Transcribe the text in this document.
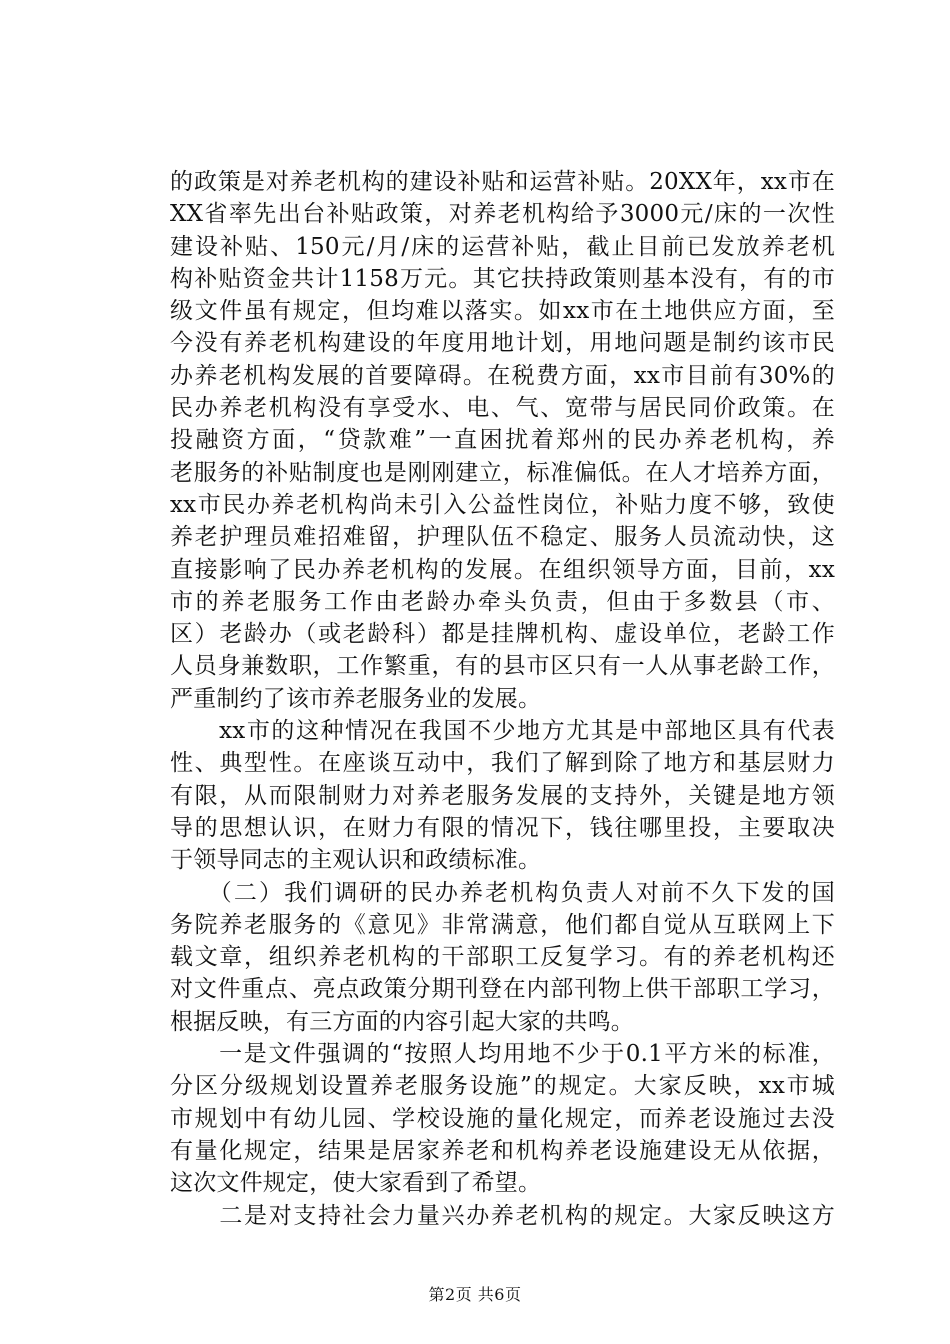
的政策是对养老机构的建设补贴和运营补贴。20XX年，xx市在
XX省率先出台补贴政策，对养老机构给予3000元/床的一次性
建设补贴、150元/月/床的运营补贴，截止目前已发放养老机
构补贴资金共计1158万元。其它扶持政策则基本没有，有的市
级文件虽有规定，但均难以落实。如xx市在土地供应方面，至
今没有养老机构建设的年度用地计划，用地问题是制约该市民
办养老机构发展的首要障碍。在税费方面，xx市目前有30%的
民办养老机构没有享受水、电、气、宽带与居民同价政策。在
投融资方面，“贷款难”一直困扰着郑州的民办养老机构，养
老服务的补贴制度也是刚刚建立，标准偏低。在人才培养方面，
xx市民办养老机构尚未引入公益性岗位，补贴力度不够，致使
养老护理员难招难留，护理队伍不稳定、服务人员流动快，这
直接影响了民办养老机构的发展。在组织领导方面，目前，xx
市的养老服务工作由老龄办牵头负责，但由于多数县（市、
区）老龄办（或老龄科）都是挂牌机构、虚设单位，老龄工作
人员身兼数职，工作繁重，有的县市区只有一人从事老龄工作，
严重制约了该市养老服务业的发展。
　　xx市的这种情况在我国不少地方尤其是中部地区具有代表
性、典型性。在座谈互动中，我们了解到除了地方和基层财力
有限，从而限制财力对养老服务发展的支持外，关键是地方领
导的思想认识，在财力有限的情况下，钱往哪里投，主要取决
于领导同志的主观认识和政绩标准。
　　（二）我们调研的民办养老机构负责人对前不久下发的国
务院养老服务的《意见》非常满意，他们都自觉从互联网上下
载文章，组织养老机构的干部职工反复学习。有的养老机构还
对文件重点、亮点政策分期刊登在内部刊物上供干部职工学习，
根据反映，有三方面的内容引起大家的共鸣。
　　一是文件强调的“按照人均用地不少于0.1平方米的标准，
分区分级规划设置养老服务设施”的规定。大家反映，xx市城
市规划中有幼儿园、学校设施的量化规定，而养老设施过去没
有量化规定，结果是居家养老和机构养老设施建设无从依据，
这次文件规定，使大家看到了希望。
　　二是对支持社会力量兴办养老机构的规定。大家反映这方
第2页 共6页
